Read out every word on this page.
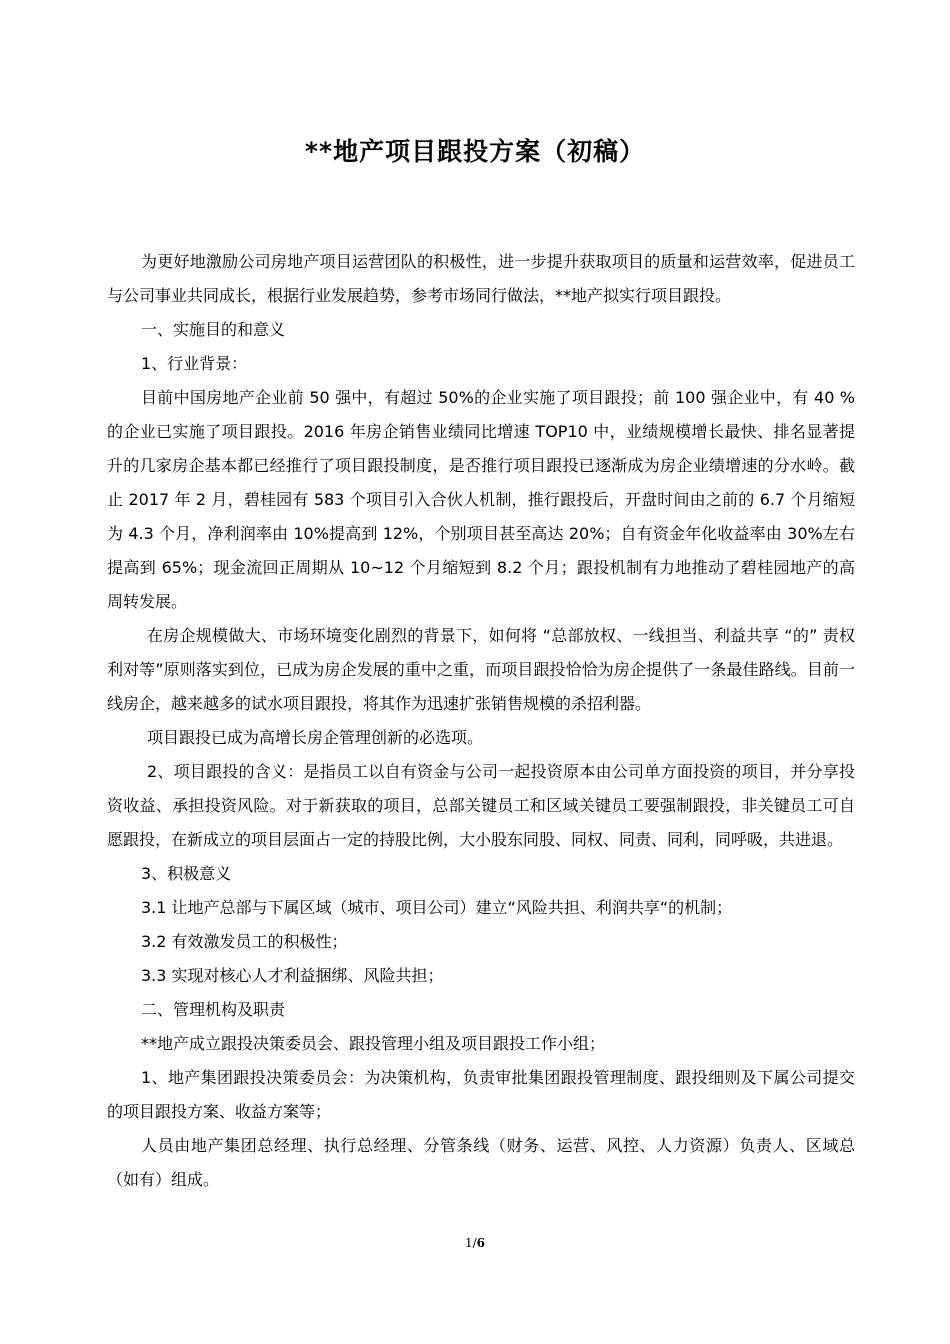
**地产项目跟投方案（初稿）

为更好地激励公司房地产项目运营团队的积极性，进一步提升获取项目的质量和运营效率，促进员工与公司事业共同成长，根据行业发展趋势，参考市场同行做法，**地产拟实行项目跟投。

一、实施目的和意义

1、行业背景：

目前中国房地产企业前 50 强中，有超过 50%的企业实施了项目跟投；前 100 强企业中，有 40 %的企业已实施了项目跟投。2016 年房企销售业绩同比增速 TOP10 中，业绩规模增长最快、排名显著提升的几家房企基本都已经推行了项目跟投制度，是否推行项目跟投已逐渐成为房企业绩增速的分水岭。截止 2017 年 2 月，碧桂园有 583 个项目引入合伙人机制，推行跟投后，开盘时间由之前的 6.7 个月缩短为 4.3 个月，净利润率由 10%提高到 12%，个别项目甚至高达 20%；自有资金年化收益率由 30%左右提高到 65%；现金流回正周期从 10~12 个月缩短到 8.2 个月；跟投机制有力地推动了碧桂园地产的高周转发展。

在房企规模做大、市场环境变化剧烈的背景下，如何将 “总部放权、一线担当、利益共享 “的” 责权利对等”原则落实到位，已成为房企发展的重中之重，而项目跟投恰恰为房企提供了一条最佳路线。目前一线房企，越来越多的试水项目跟投，将其作为迅速扩张销售规模的杀招利器。

项目跟投已成为高增长房企管理创新的必选项。

2、项目跟投的含义：是指员工以自有资金与公司一起投资原本由公司单方面投资的项目，并分享投资收益、承担投资风险。对于新获取的项目，总部关键员工和区域关键员工要强制跟投，非关键员工可自愿跟投，在新成立的项目层面占一定的持股比例，大小股东同股、同权、同责、同利，同呼吸，共进退。

3、积极意义

3.1 让地产总部与下属区域（城市、项目公司）建立“风险共担、利润共享“的机制；

3.2 有效激发员工的积极性；

3.3 实现对核心人才利益捆绑、风险共担；

二、管理机构及职责

**地产成立跟投决策委员会、跟投管理小组及项目跟投工作小组；

1、地产集团跟投决策委员会：为决策机构，负责审批集团跟投管理制度、跟投细则及下属公司提交的项目跟投方案、收益方案等；

人员由地产集团总经理、执行总经理、分管条线（财务、运营、风控、人力资源）负责人、区域总（如有）组成。

1/6
